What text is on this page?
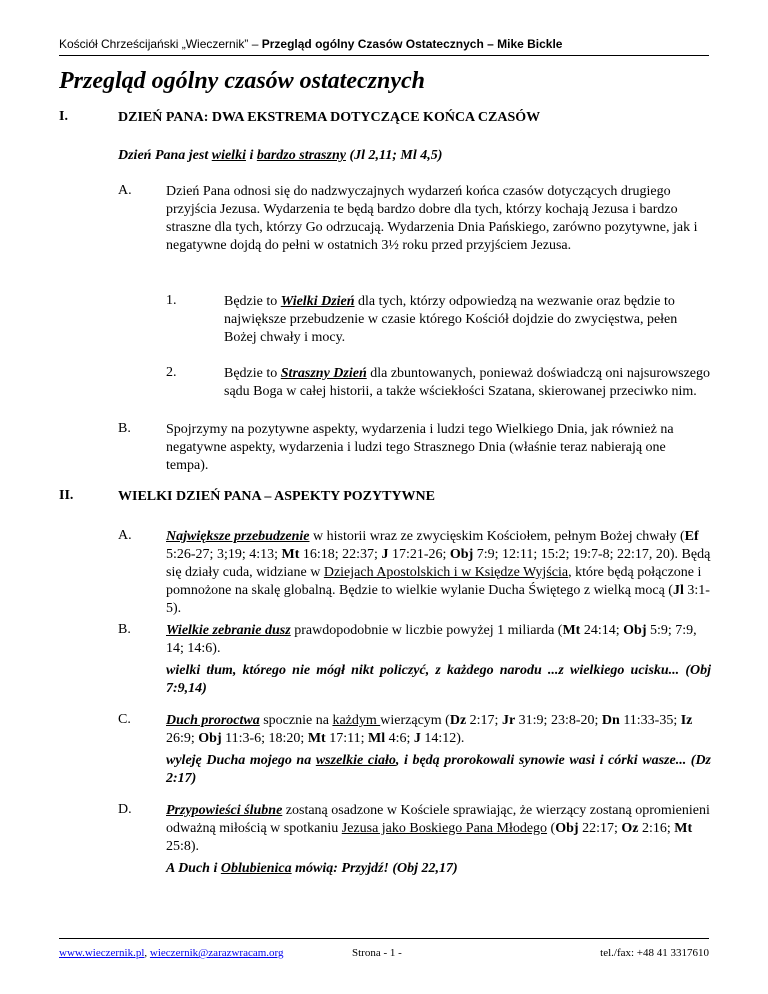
Kościół Chrześcijański „Wieczernik” – Przegląd ogólny Czasów Ostatecznych – Mike Bickle
Przegląd ogólny czasów ostatecznych
I.	DZIEŃ PANA: DWA EKSTREMA DOTYCZĄCE KOŃCA CZASÓW
Dzień Pana jest wielki i bardzo straszny (Jl 2,11; Ml 4,5)
A. Dzień Pana odnosi się do nadzwyczajnych wydarzeń końca czasów dotyczących drugiego przyjścia Jezusa. Wydarzenia te będą bardzo dobre dla tych, którzy kochają Jezusa i bardzo straszne dla tych, którzy Go odrzucają. Wydarzenia Dnia Pańskiego, zarówno pozytywne, jak i negatywne dojdą do pełni w ostatnich 3½ roku przed przyjściem Jezusa.
1.	Będzie to Wielki Dzień dla tych, którzy odpowiedzą na wezwanie oraz będzie to największe przebudzenie w czasie którego Kościół dojdzie do zwycięstwa, pełen Bożej chwały i mocy.
2.	Będzie to Straszny Dzień dla zbuntowanych, ponieważ doświadczą oni najsurowszego sądu Boga w całej historii, a także wściekłości Szatana, skierowanej przeciwko nim.
B.	Spojrzymy na pozytywne aspekty, wydarzenia i ludzi tego Wielkiego Dnia, jak również na negatywne aspekty, wydarzenia i ludzi tego Strasznego Dnia (właśnie teraz nabierają one tempa).
II.	WIELKI DZIEŃ PANA – ASPEKTY POZYTYWNE
A. Największe przebudzenie w historii wraz ze zwycięskim Kościołem, pełnym Bożej chwały (Ef 5:26-27; 3;19; 4:13; Mt 16:18; 22:37; J 17:21-26; Obj 7:9; 12:11; 15:2; 19:7-8; 22:17, 20). Będą się działy cuda, widziane w Dziejach Apostolskich i w Księdze Wyjścia, które będą połączone i pomnożone na skalę globalną. Będzie to wielkie wylanie Ducha Świętego z wielką mocą (Jl 3:1-5).
B.	Wielkie zebranie dusz prawdopodobnie w liczbie powyżej 1 miliarda (Mt 24:14; Obj 5:9; 7:9, 14; 14:6).
wielki tłum, którego nie mógł nikt policzyć, z każdego narodu ...z wielkiego ucisku... (Obj 7:9,14)
C.	Duch proroctwa spocznie na każdym wierzącym (Dz 2:17; Jr 31:9; 23:8-20; Dn 11:33-35; Iz 26:9; Obj 11:3-6; 18:20; Mt 17:11; Ml 4:6; J 14:12).
wyleję Ducha mojego na wszelkie ciało, i będą prorokowali synowie wasi i córki wasze... (Dz 2:17)
D. Przypowieści ślubne zostaną osadzone w Kościele sprawiając, że wierzący zostaną opromienieni odważną miłością w spotkaniu Jezusa jako Boskiego Pana Młodego (Obj 22:17; Oz 2:16; Mt 25:8).
A Duch i Oblubienica mówią: Przyjdź! (Obj 22,17)
www.wieczernik.pl, wieczernik@zarazwracam.org	Strona - 1 -	tel./fax: +48 41 3317610
